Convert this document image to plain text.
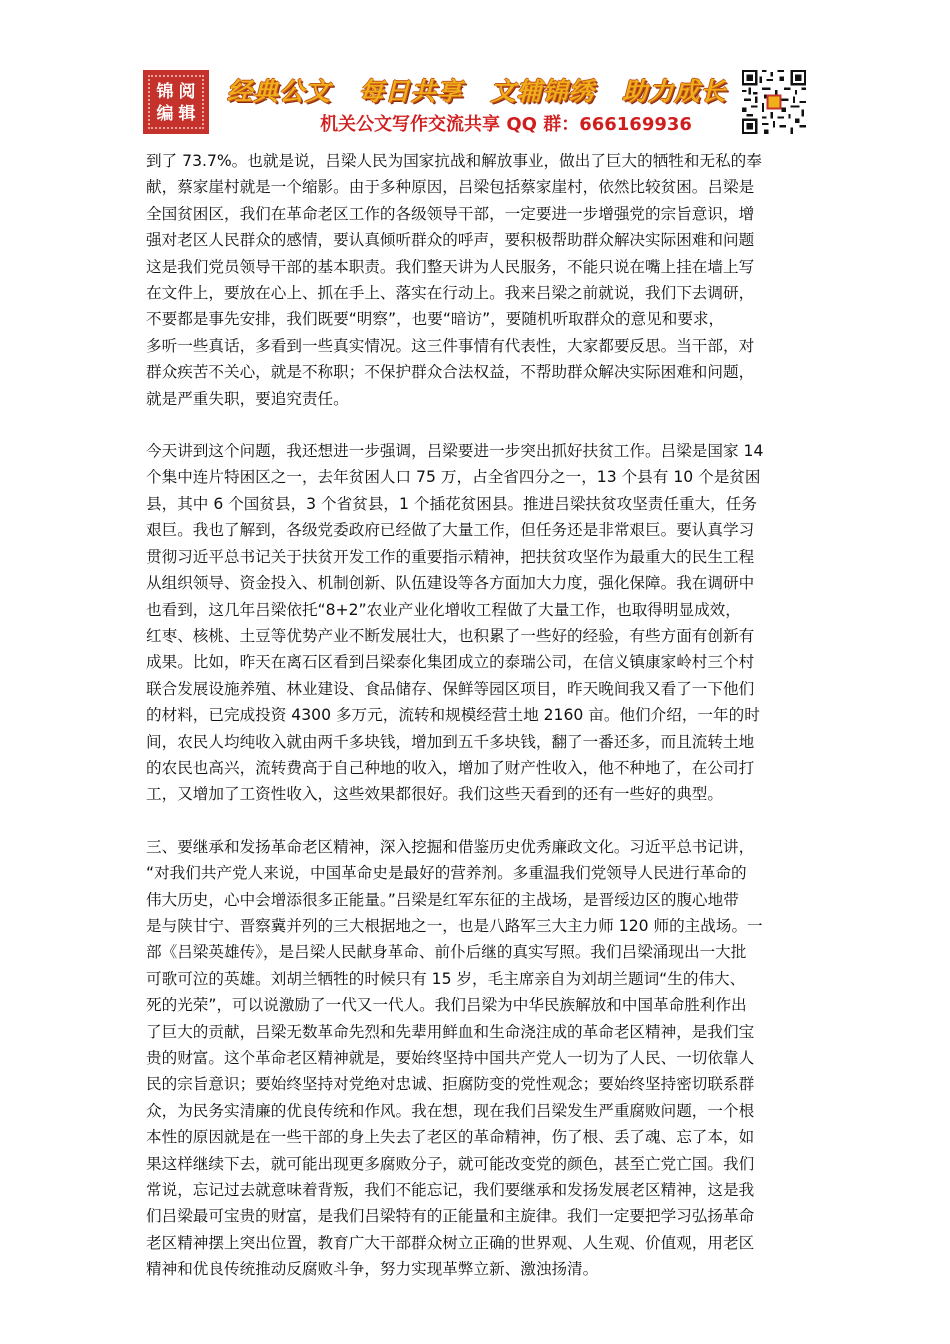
锦 阅
编 辑
经典公文 每日共享 文辅锦绣 助力成长
机关公文写作交流共享 QQ 群：666169936

到了 73.7%。也就是说，吕梁人民为国家抗战和解放事业，做出了巨大的牺牲和无私的奉
献，蔡家崖村就是一个缩影。由于多种原因，吕梁包括蔡家崖村，依然比较贫困。吕梁是
全国贫困区，我们在革命老区工作的各级领导干部，一定要进一步增强党的宗旨意识，增
强对老区人民群众的感情，要认真倾听群众的呼声，要积极帮助群众解决实际困难和问题
这是我们党员领导干部的基本职责。我们整天讲为人民服务，不能只说在嘴上挂在墙上写
在文件上，要放在心上、抓在手上、落实在行动上。我来吕梁之前就说，我们下去调研，
不要都是事先安排，我们既要“明察”，也要“暗访”，要随机听取群众的意见和要求，
多听一些真话，多看到一些真实情况。这三件事情有代表性，大家都要反思。当干部，对
群众疾苦不关心，就是不称职；不保护群众合法权益，不帮助群众解决实际困难和问题，
就是严重失职，要追究责任。

今天讲到这个问题，我还想进一步强调，吕梁要进一步突出抓好扶贫工作。吕梁是国家 14
个集中连片特困区之一，去年贫困人口 75 万，占全省四分之一，13 个县有 10 个是贫困
县，其中 6 个国贫县，3 个省贫县，1 个插花贫困县。推进吕梁扶贫攻坚责任重大，任务
艰巨。我也了解到，各级党委政府已经做了大量工作，但任务还是非常艰巨。要认真学习
贯彻习近平总书记关于扶贫开发工作的重要指示精神，把扶贫攻坚作为最重大的民生工程
从组织领导、资金投入、机制创新、队伍建设等各方面加大力度，强化保障。我在调研中
也看到，这几年吕梁依托“8+2”农业产业化增收工程做了大量工作，也取得明显成效，
红枣、核桃、土豆等优势产业不断发展壮大，也积累了一些好的经验，有些方面有创新有
成果。比如，昨天在离石区看到吕梁泰化集团成立的泰瑞公司，在信义镇康家岭村三个村
联合发展设施养殖、林业建设、食品储存、保鲜等园区项目，昨天晚间我又看了一下他们
的材料，已完成投资 4300 多万元，流转和规模经营土地 2160 亩。他们介绍，一年的时
间，农民人均纯收入就由两千多块钱，增加到五千多块钱，翻了一番还多，而且流转土地
的农民也高兴，流转费高于自己种地的收入，增加了财产性收入，他不种地了，在公司打
工，又增加了工资性收入，这些效果都很好。我们这些天看到的还有一些好的典型。

三、要继承和发扬革命老区精神，深入挖掘和借鉴历史优秀廉政文化。习近平总书记讲，
“对我们共产党人来说，中国革命史是最好的营养剂。多重温我们党领导人民进行革命的
伟大历史，心中会增添很多正能量。”吕梁是红军东征的主战场，是晋绥边区的腹心地带
是与陕甘宁、晋察冀并列的三大根据地之一，也是八路军三大主力师 120 师的主战场。一
部《吕梁英雄传》，是吕梁人民献身革命、前仆后继的真实写照。我们吕梁涌现出一大批
可歌可泣的英雄。刘胡兰牺牲的时候只有 15 岁，毛主席亲自为刘胡兰题词“生的伟大、
死的光荣”，可以说激励了一代又一代人。我们吕梁为中华民族解放和中国革命胜利作出
了巨大的贡献，吕梁无数革命先烈和先辈用鲜血和生命浇注成的革命老区精神，是我们宝
贵的财富。这个革命老区精神就是，要始终坚持中国共产党人一切为了人民、一切依靠人
民的宗旨意识；要始终坚持对党绝对忠诚、拒腐防变的党性观念；要始终坚持密切联系群
众，为民务实清廉的优良传统和作风。我在想，现在我们吕梁发生严重腐败问题，一个根
本性的原因就是在一些干部的身上失去了老区的革命精神，伤了根、丢了魂、忘了本，如
果这样继续下去，就可能出现更多腐败分子，就可能改变党的颜色，甚至亡党亡国。我们
常说，忘记过去就意味着背叛，我们不能忘记，我们要继承和发扬发展老区精神，这是我
们吕梁最可宝贵的财富，是我们吕梁特有的正能量和主旋律。我们一定要把学习弘扬革命
老区精神摆上突出位置，教育广大干部群众树立正确的世界观、人生观、价值观，用老区
精神和优良传统推动反腐败斗争，努力实现革弊立新、激浊扬清。
